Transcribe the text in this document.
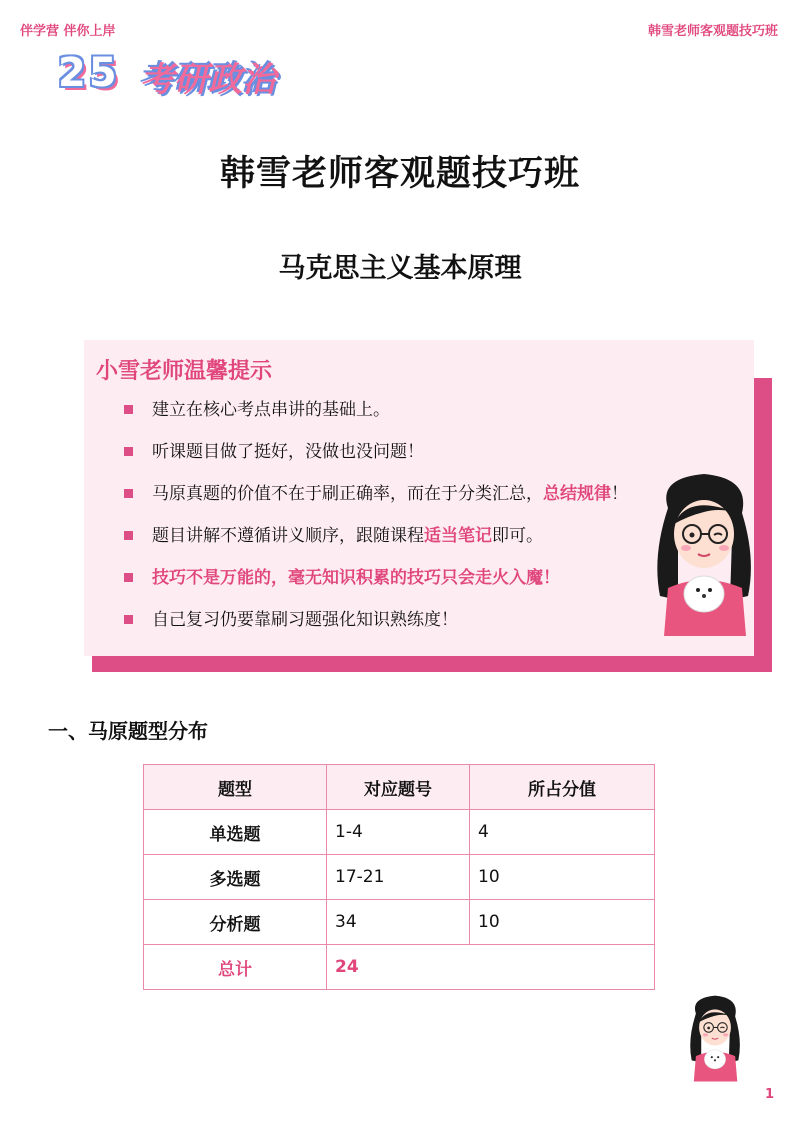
伴学营 伴你上岸	韩雪老师客观题技巧班
25 考研政治
韩雪老师客观题技巧班
马克思主义基本原理
小雪老师温馨提示
建立在核心考点串讲的基础上。
听课题目做了挺好，没做也没问题！
马原真题的价值不在于刷正确率，而在于分类汇总，总结规律！
题目讲解不遵循讲义顺序，跟随课程适当笔记即可。
技巧不是万能的，毫无知识积累的技巧只会走火入魔！
自己复习仍要靠刷习题强化知识熟练度！
一、马原题型分布
题型	对应题号	所占分值
单选题	1-4	4
多选题	17-21	10
分析题	34	10
总计	24	
1
